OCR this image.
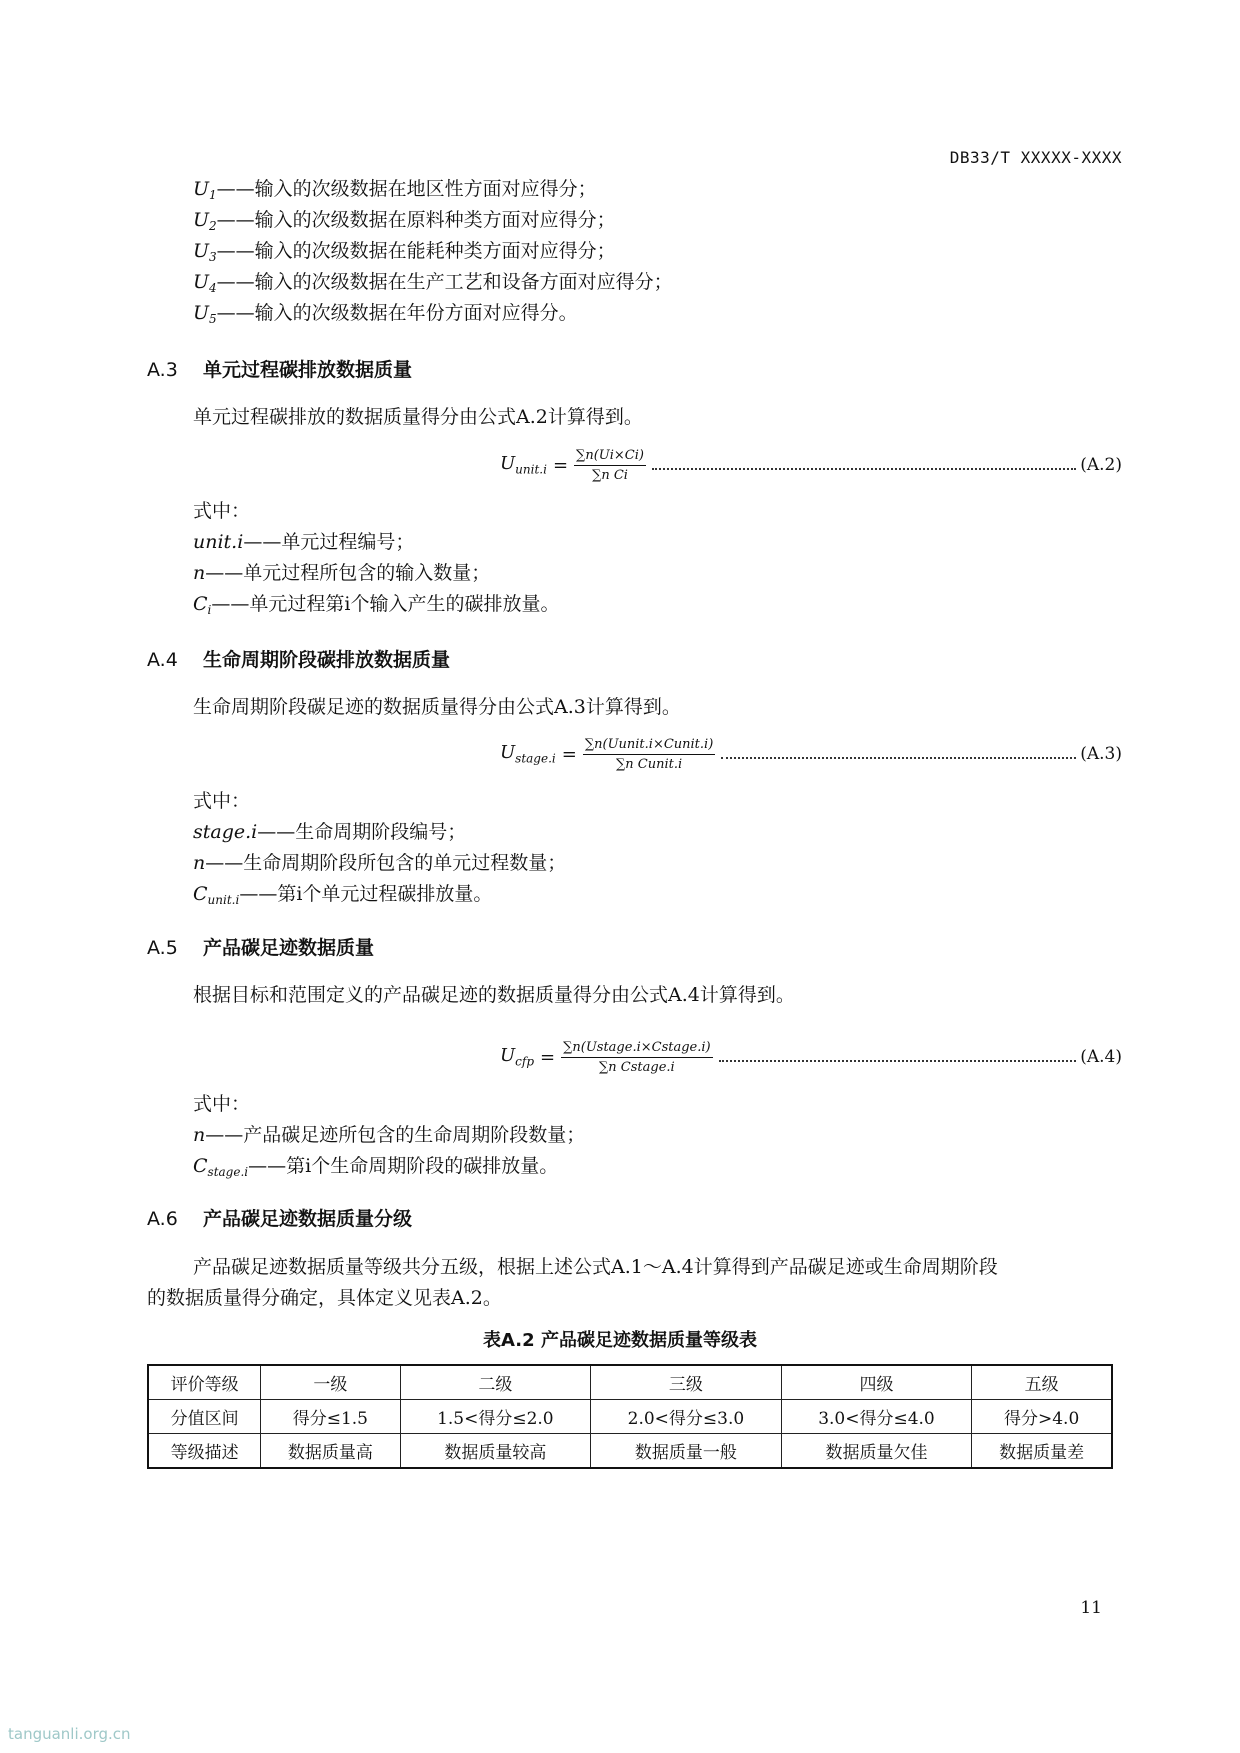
DB33/T XXXXX-XXXX
$U_1——$输入的次级数据在地区性方面对应得分；
$U_2——$输入的次级数据在原料种类方面对应得分；
$U_3——$输入的次级数据在能耗种类方面对应得分；
$U_4——$输入的次级数据在生产工艺和设备方面对应得分；
$U_5——$输入的次级数据在年份方面对应得分。
A.3 单元过程碳排放数据质量
单元过程碳排放的数据质量得分由公式A.2计算得到。
$U_{unit.i} = \frac{\sum n(Ui\times Ci)}{\text{∑n Ci}}$	(A.2)
式中：
unit.i——单元过程编号；
n——单元过程所包含的输入数量；
$C_i——$单元过程第i个输入产生的碳排放量。
A.4 生命周期阶段碳排放数据质量
生命周期阶段碳足迹的数据质量得分由公式A.3计算得到。
$U_{stage.i} = \frac{\text{∑n(Uunit.i×Cunit.i)}}{\text{∑n Cunit.i}}$	(A.3)
式中：
stage.i——生命周期阶段编号；
n——生命周期阶段所包含的单元过程数量；
$C_{unit.i}——$第i个单元过程碳排放量。
A.5 产品碳足迹数据质量
根据目标和范围定义的产品碳足迹的数据质量得分由公式A.4计算得到。
$U_{cfp} = \frac{\text{∑n(Ustage.i×Cstage.i)}}{\text{∑n Cstage.i}}$	(A.4)
式中：
n——产品碳足迹所包含的生命周期阶段数量；
$C_{stage.i}——$第i个生命周期阶段的碳排放量。
A.6 产品碳足迹数据质量分级
产品碳足迹数据质量等级共分五级，根据上述公式A.1～A.4计算得到产品碳足迹或生命周期阶段
的数据质量得分确定，具体定义见表A.2。
表A.2 产品碳足迹数据质量等级表
评价等级	一级	二级	三级	四级	五级
分值区间	得分≤1.5	1.5<得分≤2.0	2.0<得分≤3.0	3.0<得分≤4.0	得分>4.0
等级描述	数据质量高	数据质量较高	数据质量一般	数据质量欠佳	数据质量差
11
tanguanli.org.cn
